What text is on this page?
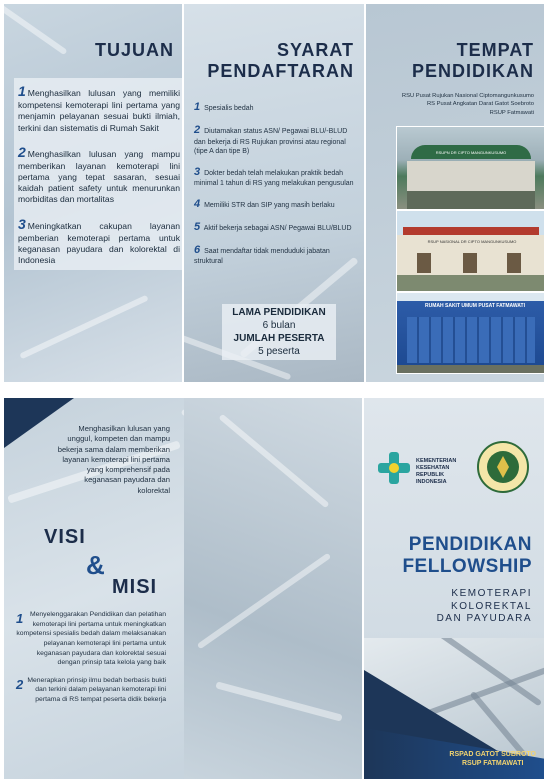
TUJUAN
1 Menghasilkan lulusan yang memiliki kompetensi kemoterapi lini pertama yang menjamin pelayanan sesuai bukti ilmiah, terkini dan sistematis di Rumah Sakit
2 Menghasilkan lulusan yang mampu memberikan layanan kemoterapi lini pertama yang tepat sasaran, sesuai kaidah patient safety untuk menurunkan morbiditas dan mortalitas
3 Meningkatkan cakupan layanan pemberian kemoterapi pertama untuk keganasan payudara dan kolorektal di Indonesia
SYARAT
PENDAFTARAN
1 Spesialis bedah
2 Diutamakan status ASN/ Pegawai BLU/-BLUD dan bekerja di RS Rujukan provinsi atau regional (tipe A dan tipe B)
3 Dokter bedah telah melakukan praktik bedah minimal 1 tahun di RS yang melakukan pengusulan
4 Memiliki STR dan SIP yang masih berlaku
5 Aktif bekerja sebagai ASN/ Pegawai BLU/BLUD
6 Saat mendaftar tidak menduduki jabatan struktural
LAMA PENDIDIKAN
6 bulan
JUMLAH PESERTA
5 peserta
TEMPAT
PENDIDIKAN
RSU Pusat Rujukan Nasional Ciptomangunkusumo
RS Pusat Angkatan Darat Gatot Soebroto
RSUP Fatmawati
RSUPN DR CIPTO MANGUNKUSUMO
RSUP NASIONAL DR CIPTO MANGUNKUSUMO
RUMAH SAKIT UMUM PUSAT FATMAWATI
Menghasilkan lulusan yang unggul, kompeten dan mampu bekerja sama dalam memberikan layanan kemoterapi lini pertama yang komprehensif pada keganasan payudara dan kolorektal
VISI
&
MISI
1 Menyelenggarakan Pendidikan dan pelatihan kemoterapi lini pertama untuk meningkatkan kompetensi spesialis bedah dalam melaksanakan pelayanan kemoterapi lini pertama untuk keganasan payudara dan kolorektal sesuai dengan prinsip tata kelola yang baik
2 Menerapkan prinsip ilmu bedah berbasis bukti dan terkini dalam pelayanan kemoterapi lini pertama di RS tempat peserta didik bekerja
KEMENTERIAN
KESEHATAN
REPUBLIK
INDONESIA
PENDIDIKAN
FELLOWSHIP
KEMOTERAPI
KOLOREKTAL
DAN PAYUDARA
RSPAD GATOT SUBROTO
RSUP FATMAWATI
